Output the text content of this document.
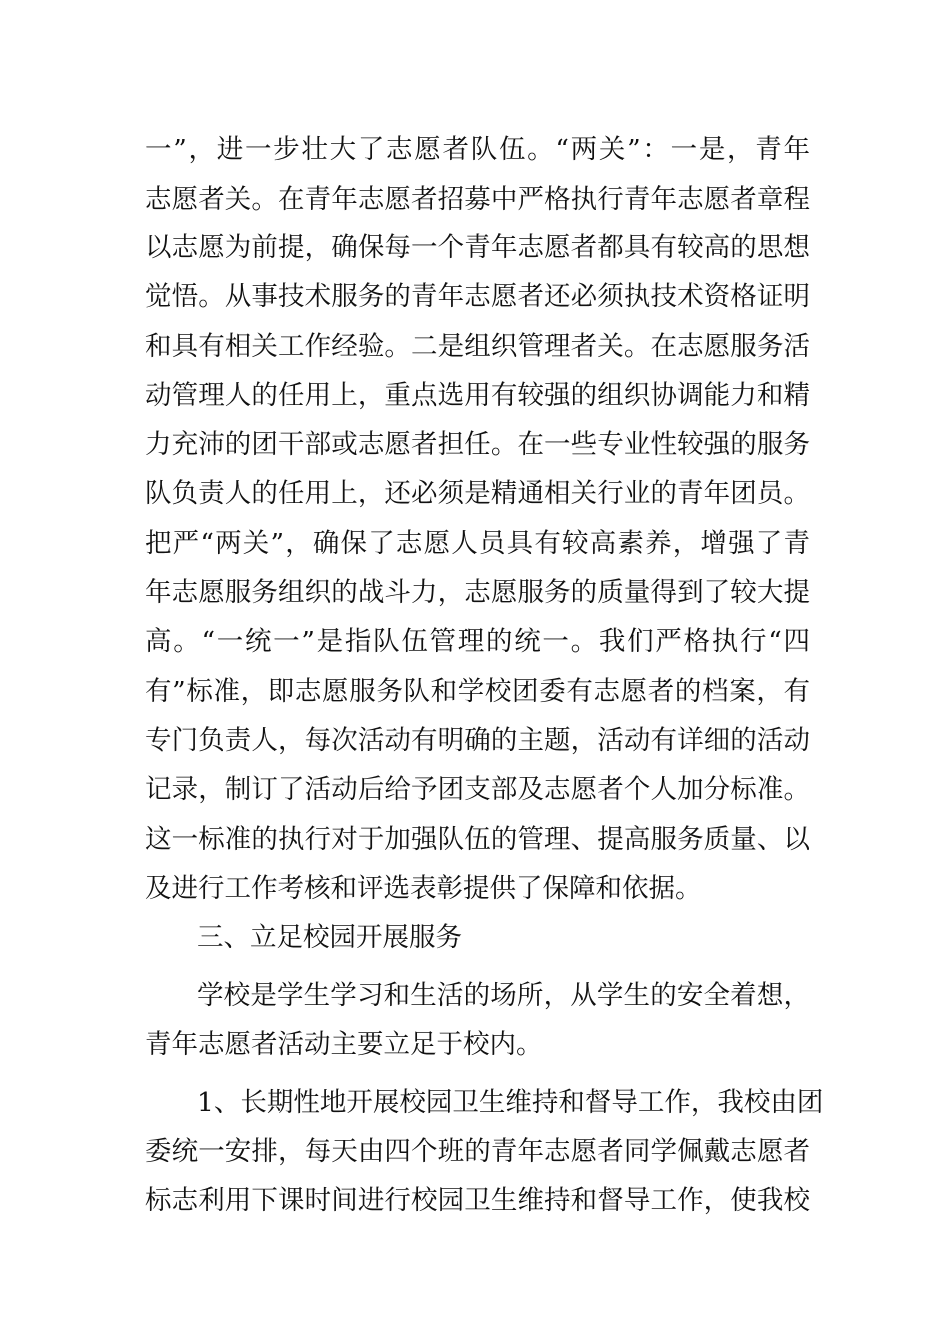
一”，进一步壮大了志愿者队伍。“两关”：一是，青年
志愿者关。在青年志愿者招募中严格执行青年志愿者章程
以志愿为前提，确保每一个青年志愿者都具有较高的思想
觉悟。从事技术服务的青年志愿者还必须执技术资格证明
和具有相关工作经验。二是组织管理者关。在志愿服务活
动管理人的任用上，重点选用有较强的组织协调能力和精
力充沛的团干部或志愿者担任。在一些专业性较强的服务
队负责人的任用上，还必须是精通相关行业的青年团员。
把严“两关”，确保了志愿人员具有较高素养，增强了青
年志愿服务组织的战斗力，志愿服务的质量得到了较大提
高。“一统一”是指队伍管理的统一。我们严格执行“四
有”标准，即志愿服务队和学校团委有志愿者的档案，有
专门负责人，每次活动有明确的主题，活动有详细的活动
记录，制订了活动后给予团支部及志愿者个人加分标准。
这一标准的执行对于加强队伍的管理、提高服务质量、以
及进行工作考核和评选表彰提供了保障和依据。
三、立足校园开展服务
学校是学生学习和生活的场所，从学生的安全着想，
青年志愿者活动主要立足于校内。
1、长期性地开展校园卫生维持和督导工作，我校由团
委统一安排，每天由四个班的青年志愿者同学佩戴志愿者
标志利用下课时间进行校园卫生维持和督导工作，使我校
